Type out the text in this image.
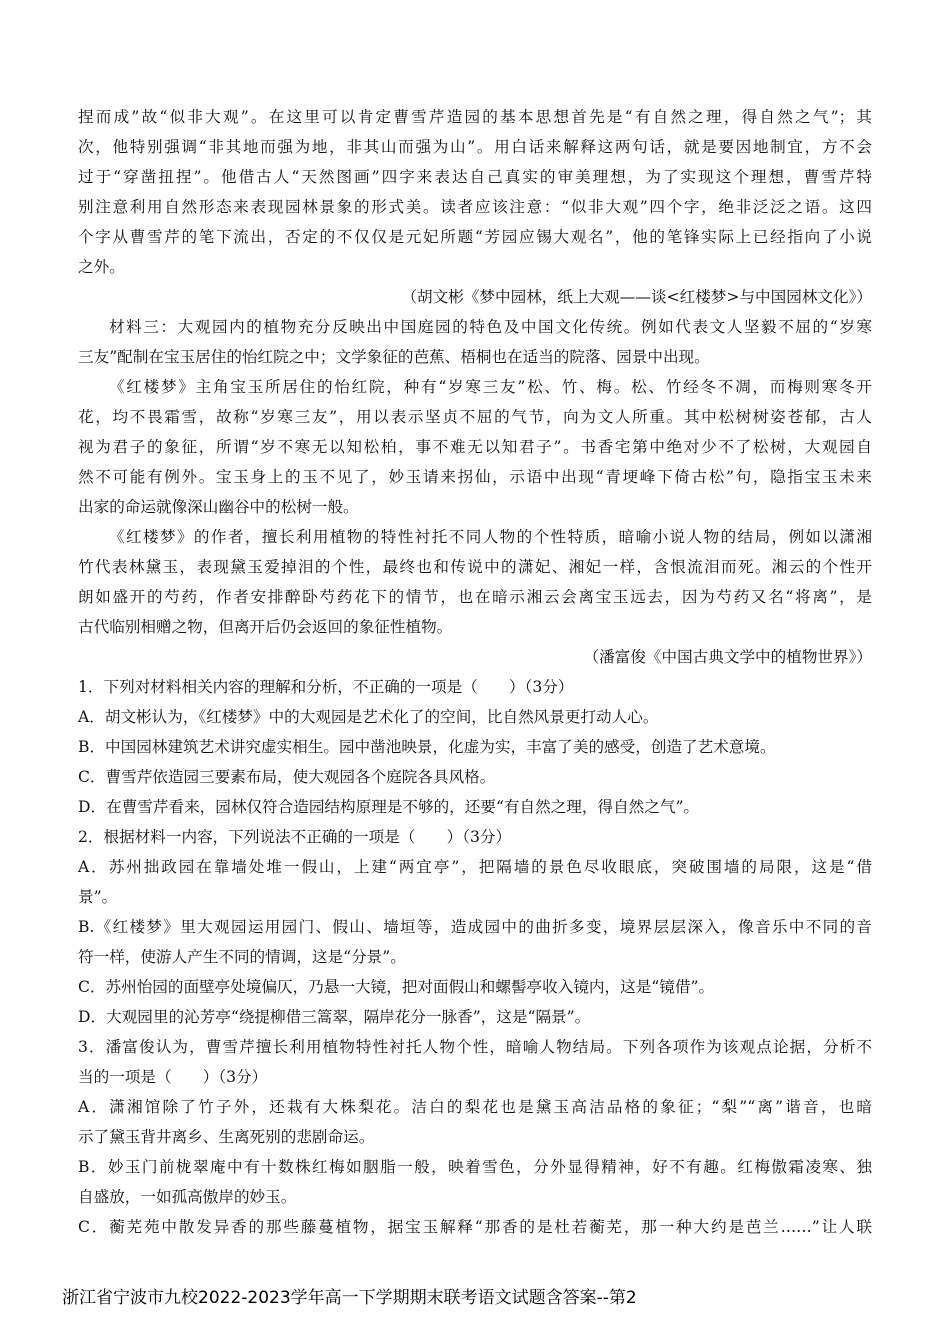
捏而成”故“似非大观”。在这里可以肯定曹雪芹造园的基本思想首先是“有自然之理，得自然之气”；其
次，他特别强调“非其地而强为地，非其山而强为山”。用白话来解释这两句话，就是要因地制宜，方不会
过于“穿凿扭捏”。他借古人“天然图画”四字来表达自己真实的审美理想，为了实现这个理想，曹雪芹特
别注意利用自然形态来表现园林景象的形式美。读者应该注意：“似非大观”四个字，绝非泛泛之语。这四
个字从曹雪芹的笔下流出，否定的不仅仅是元妃所题“芳园应锡大观名”，他的笔锋实际上已经指向了小说
之外。
（胡文彬《梦中园林，纸上大观——谈<红楼梦>与中国园林文化》）
材料三：大观园内的植物充分反映出中国庭园的特色及中国文化传统。例如代表文人坚毅不屈的“岁寒
三友”配制在宝玉居住的怡红院之中；文学象征的芭蕉、梧桐也在适当的院落、园景中出现。
《红楼梦》主角宝玉所居住的怡红院，种有“岁寒三友”松、竹、梅。松、竹经冬不凋，而梅则寒冬开
花，均不畏霜雪，故称“岁寒三友”，用以表示坚贞不屈的气节，向为文人所重。其中松树树姿苍郁，古人
视为君子的象征，所谓“岁不寒无以知松柏，事不难无以知君子”。书香宅第中绝对少不了松树，大观园自
然不可能有例外。宝玉身上的玉不见了，妙玉请来拐仙，示语中出现“青埂峰下倚古松”句，隐指宝玉未来
出家的命运就像深山幽谷中的松树一般。
《红楼梦》的作者，擅长利用植物的特性衬托不同人物的个性特质，暗喻小说人物的结局，例如以潇湘
竹代表林黛玉，表现黛玉爱掉泪的个性，最终也和传说中的潇妃、湘妃一样，含恨流泪而死。湘云的个性开
朗如盛开的芍药，作者安排醉卧芍药花下的情节，也在暗示湘云会离宝玉远去，因为芍药又名“将离”，是
古代临别相赠之物，但离开后仍会返回的象征性植物。
（潘富俊《中国古典文学中的植物世界》）
1．下列对材料相关内容的理解和分析，不正确的一项是（　　）（3分）
A．胡文彬认为，《红楼梦》中的大观园是艺术化了的空间，比自然风景更打动人心。
B．中国园林建筑艺术讲究虚实相生。园中凿池映景，化虚为实，丰富了美的感受，创造了艺术意境。
C．曹雪芹依造园三要素布局，使大观园各个庭院各具风格。
D．在曹雪芹看来，园林仅符合造园结构原理是不够的，还要“有自然之理，得自然之气”。
2．根据材料一内容，下列说法不正确的一项是（　　）（3分）
A．苏州拙政园在靠墙处堆一假山，上建“两宜亭”，把隔墙的景色尽收眼底，突破围墙的局限，这是“借
景”。
B.《红楼梦》里大观园运用园门、假山、墙垣等，造成园中的曲折多变，境界层层深入，像音乐中不同的音
符一样，使游人产生不同的情调，这是“分景”。
C．苏州怡园的面壁亭处境偏仄，乃悬一大镜，把对面假山和螺髻亭收入镜内，这是“镜借”。
D．大观园里的沁芳亭“绕提柳借三篙翠，隔岸花分一脉香”，这是“隔景”。
3．潘富俊认为，曹雪芹擅长利用植物特性衬托人物个性，暗喻人物结局。下列各项作为该观点论据，分析不
当的一项是（　　）（3分）
A．潇湘馆除了竹子外，还栽有大株梨花。洁白的梨花也是黛玉高洁品格的象征；“梨”“离”谐音，也暗
示了黛玉背井离乡、生离死别的悲剧命运。
B．妙玉门前栊翠庵中有十数株红梅如胭脂一般，映着雪色，分外显得精神，好不有趣。红梅傲霜凌寒、独
自盛放，一如孤高傲岸的妙玉。
C．蘅芜苑中散发异香的那些藤蔓植物，据宝玉解释“那香的是杜若蘅芜，那一种大约是芭兰……”让人联
浙江省宁波市九校2022-2023学年高一下学期期末联考语文试题含答案--第2
